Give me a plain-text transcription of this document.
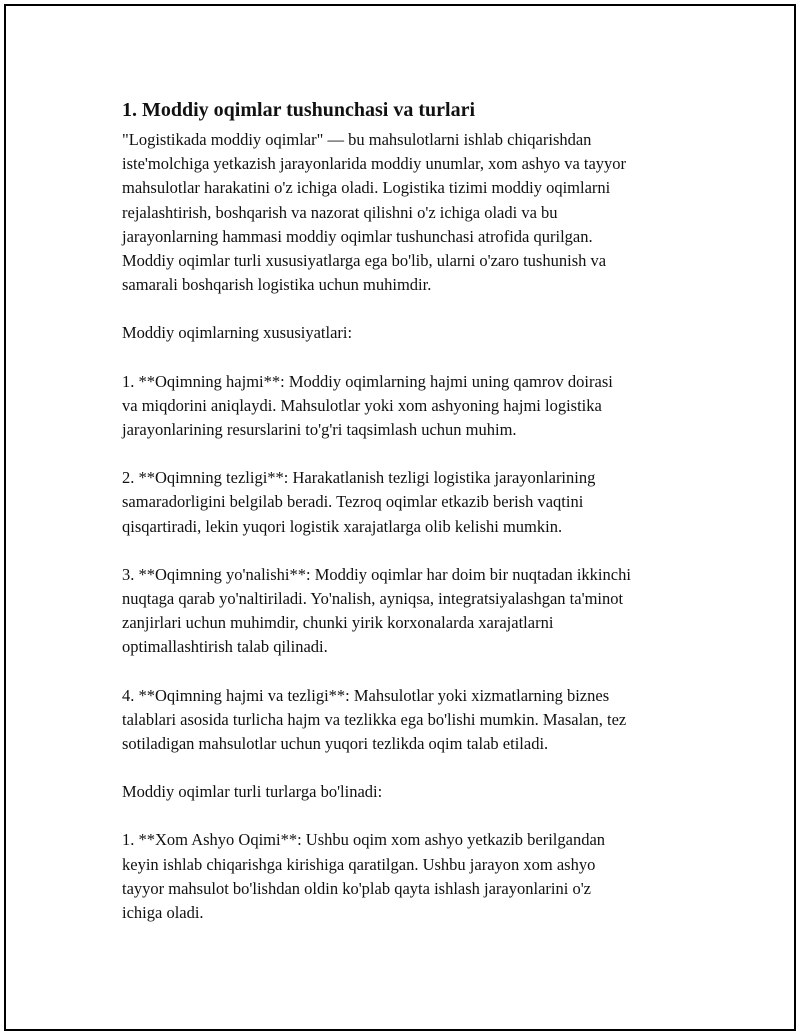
1. Moddiy oqimlar tushunchasi va turlari

"Logistikada moddiy oqimlar" — bu mahsulotlarni ishlab chiqarishdan
iste'molchiga yetkazish jarayonlarida moddiy unumlar, xom ashyo va tayyor
mahsulotlar harakatini o'z ichiga oladi. Logistika tizimi moddiy oqimlarni
rejalashtirish, boshqarish va nazorat qilishni o'z ichiga oladi va bu
jarayonlarning hammasi moddiy oqimlar tushunchasi atrofida qurilgan.
Moddiy oqimlar turli xususiyatlarga ega bo'lib, ularni o'zaro tushunish va
samarali boshqarish logistika uchun muhimdir.

Moddiy oqimlarning xususiyatlari:

1. **Oqimning hajmi**: Moddiy oqimlarning hajmi uning qamrov doirasi
va miqdorini aniqlaydi. Mahsulotlar yoki xom ashyoning hajmi logistika
jarayonlarining resurslarini to'g'ri taqsimlash uchun muhim.

2. **Oqimning tezligi**: Harakatlanish tezligi logistika jarayonlarining
samaradorligini belgilab beradi. Tezroq oqimlar etkazib berish vaqtini
qisqartiradi, lekin yuqori logistik xarajatlarga olib kelishi mumkin.

3. **Oqimning yo'nalishi**: Moddiy oqimlar har doim bir nuqtadan ikkinchi
nuqtaga qarab yo'naltiriladi. Yo'nalish, ayniqsa, integratsiyalashgan ta'minot
zanjirlari uchun muhimdir, chunki yirik korxonalarda xarajatlarni
optimallashtirish talab qilinadi.

4. **Oqimning hajmi va tezligi**: Mahsulotlar yoki xizmatlarning biznes
talablari asosida turlicha hajm va tezlikka ega bo'lishi mumkin. Masalan, tez
sotiladigan mahsulotlar uchun yuqori tezlikda oqim talab etiladi.

Moddiy oqimlar turli turlarga bo'linadi:

1. **Xom Ashyo Oqimi**: Ushbu oqim xom ashyo yetkazib berilgandan
keyin ishlab chiqarishga kirishiga qaratilgan. Ushbu jarayon xom ashyo
tayyor mahsulot bo'lishdan oldin ko'plab qayta ishlash jarayonlarini o'z
ichiga oladi.
